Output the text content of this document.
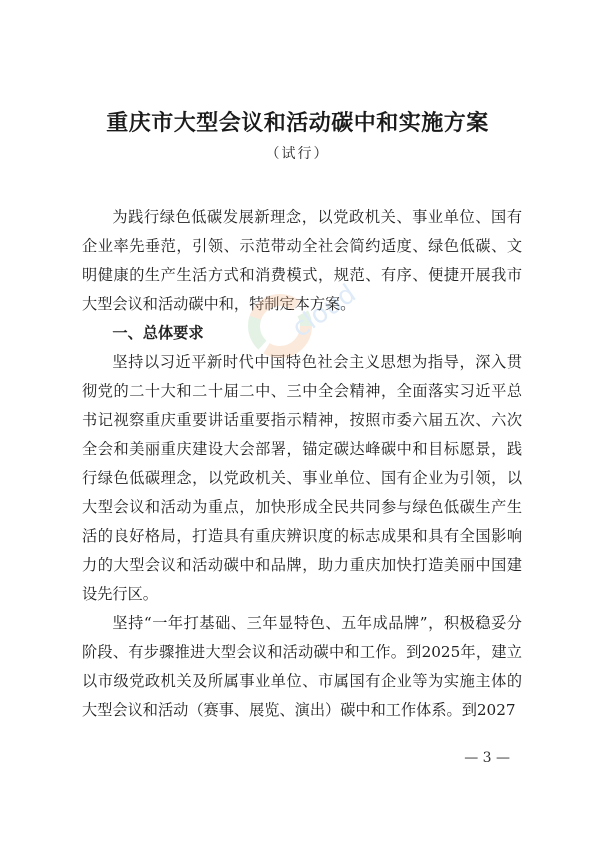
重庆市大型会议和活动碳中和实施方案
（试行）

为践行绿色低碳发展新理念，以党政机关、事业单位、国有企业率先垂范，引领、示范带动全社会简约适度、绿色低碳、文明健康的生产生活方式和消费模式，规范、有序、便捷开展我市大型会议和活动碳中和，特制定本方案。

一、总体要求

坚持以习近平新时代中国特色社会主义思想为指导，深入贯彻党的二十大和二十届二中、三中全会精神，全面落实习近平总书记视察重庆重要讲话重要指示精神，按照市委六届五次、六次全会和美丽重庆建设大会部署，锚定碳达峰碳中和目标愿景，践行绿色低碳理念，以党政机关、事业单位、国有企业为引领，以大型会议和活动为重点，加快形成全民共同参与绿色低碳生产生活的良好格局，打造具有重庆辨识度的标志成果和具有全国影响力的大型会议和活动碳中和品牌，助力重庆加快打造美丽中国建设先行区。

坚持“一年打基础、三年显特色、五年成品牌”，积极稳妥分阶段、有步骤推进大型会议和活动碳中和工作。到2025年，建立以市级党政机关及所属事业单位、市属国有企业等为实施主体的大型会议和活动（赛事、展览、演出）碳中和工作体系。到2027

cloud
— 3 —
